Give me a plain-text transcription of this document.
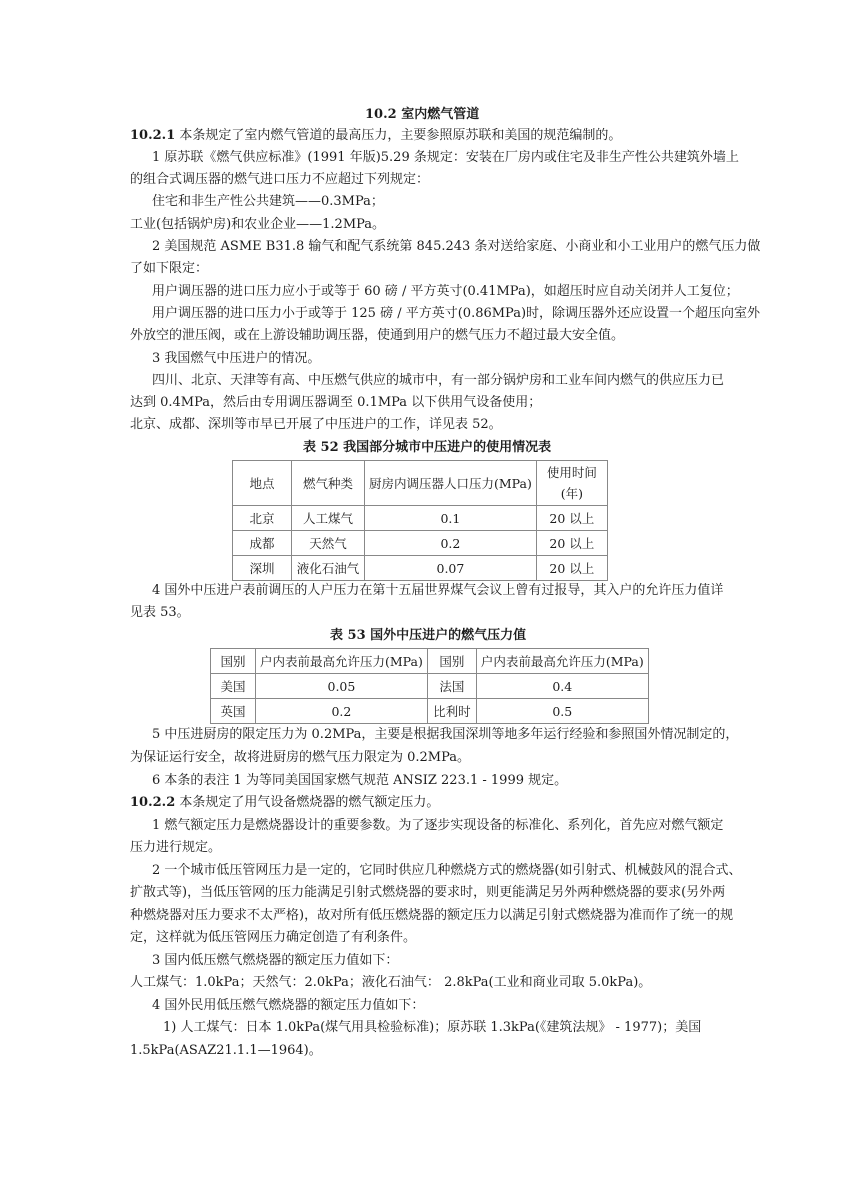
10.2 室内燃气管道
10.2.1 本条规定了室内燃气管道的最高压力，主要参照原苏联和美国的规范编制的。
1 原苏联《燃气供应标准》(1991 年版)5.29 条规定：安装在厂房内或住宅及非生产性公共建筑外墙上
的组合式调压器的燃气进口压力不应超过下列规定：
住宅和非生产性公共建筑——0.3MPa；
工业(包括锅炉房)和农业企业——1.2MPa。
2 美国规范 ASME B31.8 输气和配气系统第 845.243 条对送给家庭、小商业和小工业用户的燃气压力做
了如下限定：
用户调压器的进口压力应小于或等于 60 磅 / 平方英寸(0.41MPa)，如超压时应自动关闭并人工复位；
用户调压器的进口压力小于或等于 125 磅 / 平方英寸(0.86MPa)时，除调压器外还应设置一个超压向室外
外放空的泄压阀，或在上游设辅助调压器，使通到用户的燃气压力不超过最大安全值。
3 我国燃气中压进户的情况。
四川、北京、天津等有高、中压燃气供应的城市中，有一部分锅炉房和工业车间内燃气的供应压力已
达到 0.4MPa，然后由专用调压器调至 0.1MPa 以下供用气设备使用；
北京、成都、深圳等市早已开展了中压进户的工作，详见表 52。
表 52 我国部分城市中压进户的使用情况表
地点	燃气种类	厨房内调压器人口压力(MPa)	使用时间
(年)

北京	人工煤气	0.1	20 以上
成都	天然气	0.2	20 以上
深圳	液化石油气	0.07	20 以上
4 国外中压进户表前调压的人户压力在第十五届世界煤气会议上曾有过报导，其入户的允许压力值详
见表 53。
表 53 国外中压进户的燃气压力值
国别	户内表前最高允许压力(MPa)	国别	户内表前最高允许压力(MPa)
美国	0.05	法国	0.4
英国	0.2	比利时	0.5
5 中压进厨房的限定压力为 0.2MPa，主要是根据我国深圳等地多年运行经验和参照国外情况制定的，
为保证运行安全，故将进厨房的燃气压力限定为 0.2MPa。
6 本条的表注 1 为等同美国国家燃气规范 ANSIZ 223.1 - 1999 规定。
10.2.2 本条规定了用气设备燃烧器的燃气额定压力。
1 燃气额定压力是燃烧器设计的重要参数。为了逐步实现设备的标准化、系列化，首先应对燃气额定
压力进行规定。
2 一个城市低压管网压力是一定的，它同时供应几种燃烧方式的燃烧器(如引射式、机械鼓风的混合式、
扩散式等)，当低压管网的压力能满足引射式燃烧器的要求时，则更能满足另外两种燃烧器的要求(另外两
种燃烧器对压力要求不太严格)，故对所有低压燃烧器的额定压力以满足引射式燃烧器为准而作了统一的规
定，这样就为低压管网压力确定创造了有利条件。
3 国内低压燃气燃烧器的额定压力值如下：
人工煤气：1.0kPa；天然气：2.0kPa；液化石油气： 2.8kPa(工业和商业司取 5.0kPa)。
4 国外民用低压燃气燃烧器的额定压力值如下：
1) 人工煤气：日本 1.0kPa(煤气用具检验标准)；原苏联 1.3kPa(《建筑法规》 - 1977)；美国
1.5kPa(ASAZ21.1.1—1964)。
